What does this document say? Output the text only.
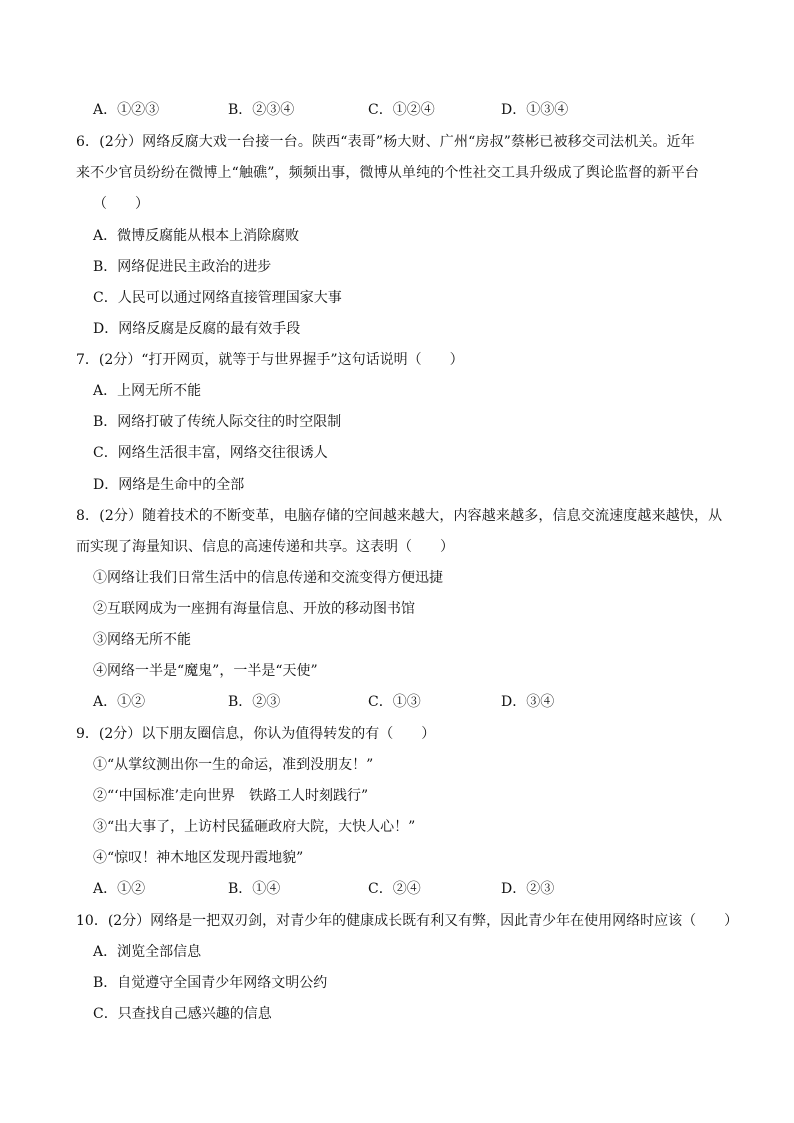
A．①②③	B．②③④	C．①②④	D．①③④
6．(2分）网络反腐大戏一台接一台。陕西“表哥”杨大财、广州“房叔”蔡彬已被移交司法机关。近年
来不少官员纷纷在微博上“触礁”，频频出事，微博从单纯的个性社交工具升级成了舆论监督的新平台
（　　）
A．微博反腐能从根本上消除腐败
B．网络促进民主政治的进步
C．人民可以通过网络直接管理国家大事
D．网络反腐是反腐的最有效手段
7．(2分）“打开网页，就等于与世界握手”这句话说明（　　）
A．上网无所不能
B．网络打破了传统人际交往的时空限制
C．网络生活很丰富，网络交往很诱人
D．网络是生命中的全部
8．(2分）随着技术的不断变革，电脑存储的空间越来越大，内容越来越多，信息交流速度越来越快，从
而实现了海量知识、信息的高速传递和共享。这表明（　　）
①网络让我们日常生活中的信息传递和交流变得方便迅捷
②互联网成为一座拥有海量信息、开放的移动图书馆
③网络无所不能
④网络一半是“魔鬼”，一半是“天使”
A．①②	B．②③	C．①③	D．③④
9．(2分）以下朋友圈信息，你认为值得转发的有（　　）
①“从掌纹测出你一生的命运，准到没朋友！”
②“‘中国标准’走向世界　铁路工人时刻践行”
③“出大事了，上访村民猛砸政府大院，大快人心！”
④“惊叹！神木地区发现丹霞地貌”
A．①②	B．①④	C．②④	D．②③
10．(2分）网络是一把双刃剑，对青少年的健康成长既有利又有弊，因此青少年在使用网络时应该（　　）
A．浏览全部信息
B．自觉遵守全国青少年网络文明公约
C．只查找自己感兴趣的信息
